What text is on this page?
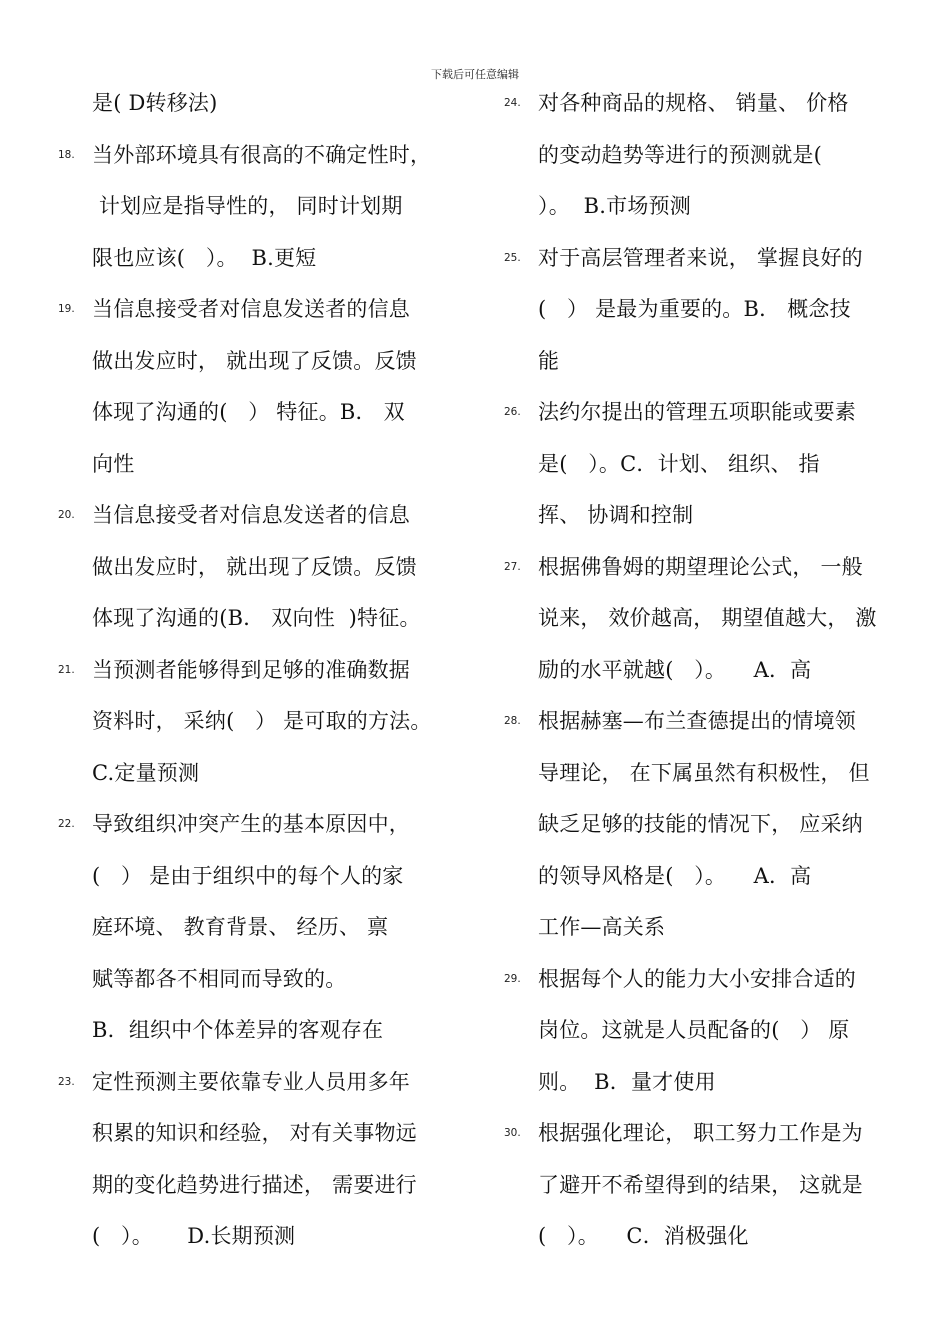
下载后可任意编辑
是( D转移法)
18. 当外部环境具有很高的不确定性时，
计划应是指导性的， 同时计划期
限也应该(   ）。  B.更短
19. 当信息接受者对信息发送者的信息
做出发应时， 就出现了反馈。反馈
体现了沟通的(   ） 特征。B． 双
向性
20. 当信息接受者对信息发送者的信息
做出发应时， 就出现了反馈。反馈
体现了沟通的(B． 双向性  )特征。
21. 当预测者能够得到足够的准确数据
资料时， 采纳(   ） 是可取的方法。
C.定量预测
22. 导致组织冲突产生的基本原因中，
(   ） 是由于组织中的每个人的家
庭环境、 教育背景、 经历、 禀
赋等都各不相同而导致的。
B．组织中个体差异的客观存在
23. 定性预测主要依靠专业人员用多年
积累的知识和经验， 对有关事物远
期的变化趋势进行描述， 需要进行
(   ）。     D.长期预测
24. 对各种商品的规格、 销量、 价格
的变动趋势等进行的预测就是(
）。  B.市场预测
25. 对于高层管理者来说， 掌握良好的
(   ） 是最为重要的。B． 概念技
能
26. 法约尔提出的管理五项职能或要素
是(   ）。C．计划、 组织、 指
挥、 协调和控制
27. 根据佛鲁姆的期望理论公式， 一般
说来， 效价越高， 期望值越大， 激
励的水平就越(   ）。    A．高
28. 根据赫塞—布兰查德提出的情境领
导理论， 在下属虽然有积极性， 但
缺乏足够的技能的情况下， 应采纳
的领导风格是(   ）。    A．高
工作—高关系
29. 根据每个人的能力大小安排合适的
岗位。这就是人员配备的(   ） 原
则。  B．量才使用
30. 根据强化理论， 职工努力工作是为
了避开不希望得到的结果， 这就是
(   ）。    C．消极强化
